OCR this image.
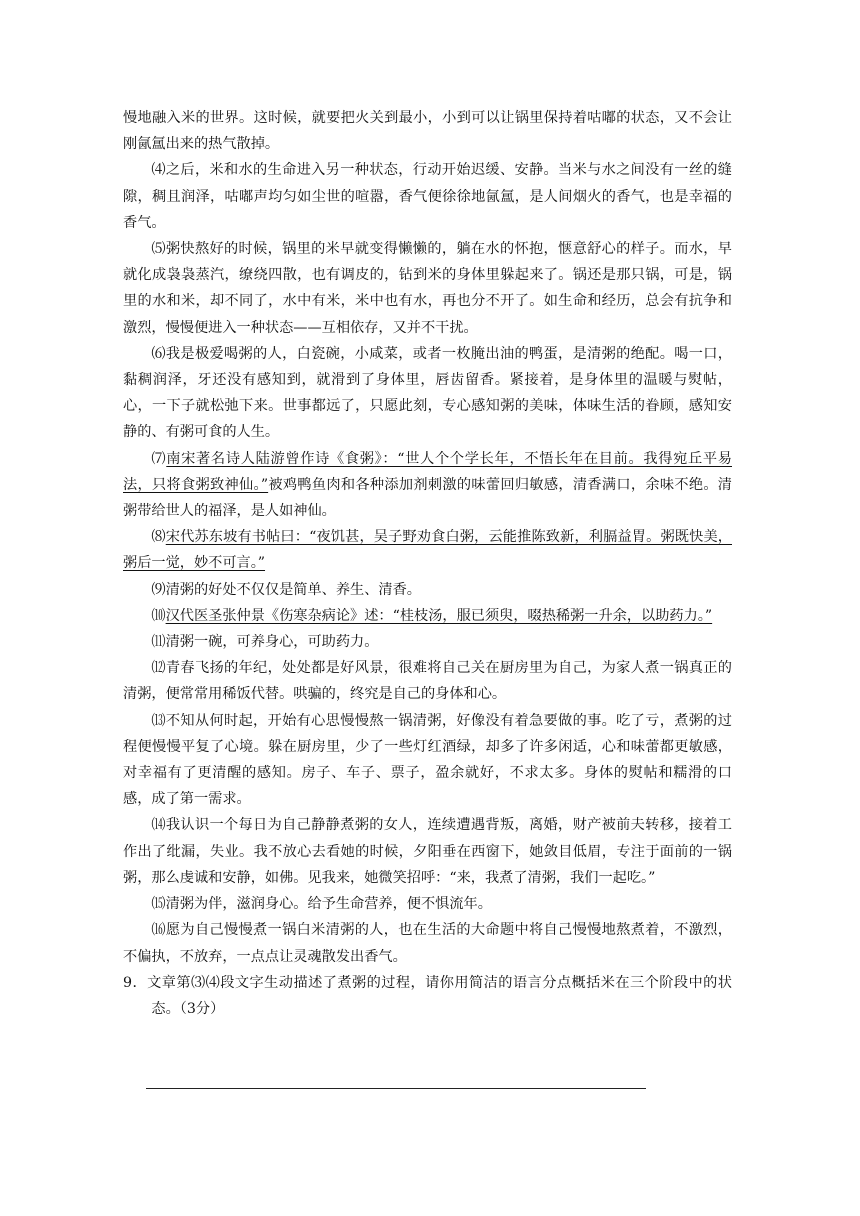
慢地融入米的世界。这时候，就要把火关到最小，小到可以让锅里保持着咕嘟的状态，又不会让刚氤氲出来的热气散掉。

⑷之后，米和水的生命进入另一种状态，行动开始迟缓、安静。当米与水之间没有一丝的缝隙，稠且润泽，咕嘟声均匀如尘世的喧嚣，香气便徐徐地氤氲，是人间烟火的香气，也是幸福的香气。

⑸粥快熬好的时候，锅里的米早就变得懒懒的，躺在水的怀抱，惬意舒心的样子。而水，早就化成袅袅蒸汽，缭绕四散，也有调皮的，钻到米的身体里躲起来了。锅还是那只锅，可是，锅里的水和米，却不同了，水中有米，米中也有水，再也分不开了。如生命和经历，总会有抗争和激烈，慢慢便进入一种状态——互相依存，又并不干扰。

⑹我是极爱喝粥的人，白瓷碗，小咸菜，或者一枚腌出油的鸭蛋，是清粥的绝配。喝一口，黏稠润泽，牙还没有感知到，就滑到了身体里，唇齿留香。紧接着，是身体里的温暖与熨帖，心，一下子就松弛下来。世事都远了，只愿此刻，专心感知粥的美味，体味生活的眷顾，感知安静的、有粥可食的人生。

⑺南宋著名诗人陆游曾作诗《食粥》：“世人个个学长年，不悟长年在目前。我得宛丘平易法，只将食粥致神仙。”被鸡鸭鱼肉和各种添加剂刺激的味蕾回归敏感，清香满口，余味不绝。清粥带给世人的福泽，是人如神仙。

⑻宋代苏东坡有书帖曰：“夜饥甚，吴子野劝食白粥，云能推陈致新，利膈益胃。粥既快美，粥后一觉，妙不可言。”

⑼清粥的好处不仅仅是简单、养生、清香。

⑽汉代医圣张仲景《伤寒杂病论》述：“桂枝汤，服已须臾，啜热稀粥一升余，以助药力。”

⑾清粥一碗，可养身心，可助药力。

⑿青春飞扬的年纪，处处都是好风景，很难将自己关在厨房里为自己，为家人煮一锅真正的清粥，便常常用稀饭代替。哄骗的，终究是自己的身体和心。

⒀不知从何时起，开始有心思慢慢熬一锅清粥，好像没有着急要做的事。吃了亏，煮粥的过程便慢慢平复了心境。躲在厨房里，少了一些灯红酒绿，却多了许多闲适，心和味蕾都更敏感，对幸福有了更清醒的感知。房子、车子、票子，盈余就好，不求太多。身体的熨帖和糯滑的口感，成了第一需求。

⒁我认识一个每日为自己静静煮粥的女人，连续遭遇背叛，离婚，财产被前夫转移，接着工作出了纰漏，失业。我不放心去看她的时候，夕阳垂在西窗下，她敛目低眉，专注于面前的一锅粥，那么虔诚和安静，如佛。见我来，她微笑招呼：“来，我煮了清粥，我们一起吃。”

⒂清粥为伴，滋润身心。给予生命营养，便不惧流年。

⒃愿为自己慢慢煮一锅白米清粥的人，也在生活的大命题中将自己慢慢地熬煮着，不激烈，不偏执，不放弃，一点点让灵魂散发出香气。

9．文章第⑶⑷段文字生动描述了煮粥的过程，请你用简洁的语言分点概括米在三个阶段中的状态。（3分）
